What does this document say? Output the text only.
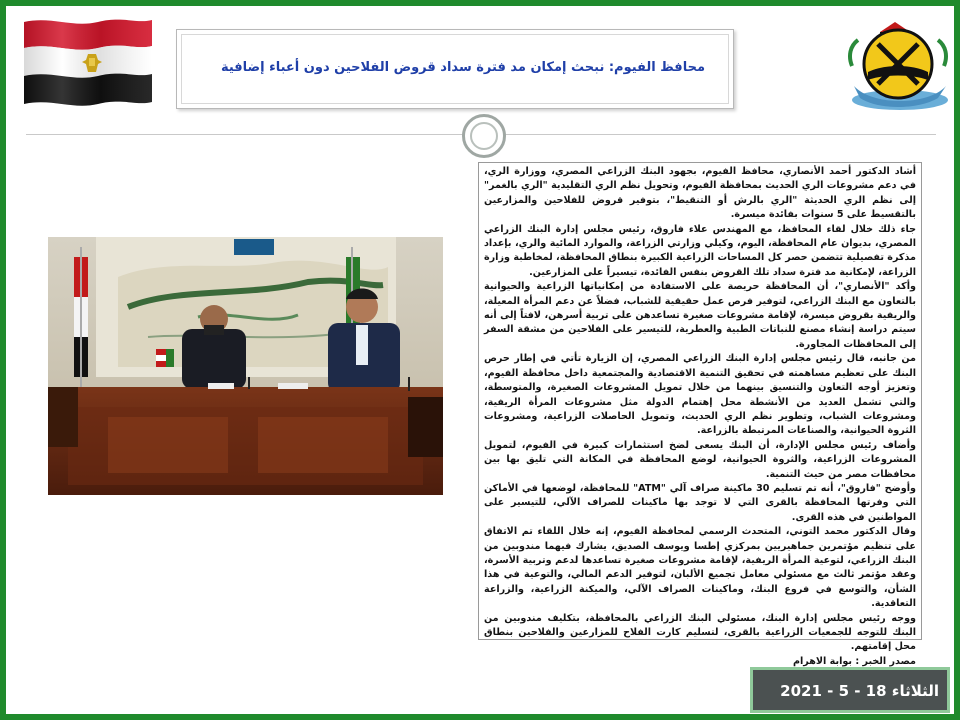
محافظ الفيوم: نبحث إمكان مد فترة سداد قروض الفلاحين دون أعباء إضافية

أشاد الدكتور أحمد الأنصاري، محافظ الفيوم، بجهود البنك الزراعي المصري، ووزارة الري، في دعم مشروعات الري الحديث بمحافظة الفيوم، وتحويل نظم الري التقليدية "الري بالغمر" إلى نظم الري الحديثة "الري بالرش أو التنقيط"، بتوفير قروض للفلاحين والمزارعين بالتقسيط على 5 سنوات بفائدة ميسرة.

جاء ذلك خلال لقاء المحافظ، مع المهندس علاء فاروق، رئيس مجلس إدارة البنك الزراعي المصري، بديوان عام المحافظة، اليوم، وكيلي وزارتي الزراعة، والموارد المائية والري، بإعداد مذكرة تفصيلية تتضمن حصر كل المساحات الزراعية الكبيرة بنطاق المحافظة، لمخاطبة وزارة الزراعة، لإمكانية مد فترة سداد تلك القروض بنفس الفائدة، تيسيراً على المزارعين.

وأكد "الأنصاري"، أن المحافظة حريصة على الاستفادة من إمكانياتها الزراعية والحيوانية بالتعاون مع البنك الزراعي، لتوفير فرص عمل حقيقية للشباب، فضلاً عن دعم المرأة المعيلة، والريفية بقروض ميسرة، لإقامة مشروعات صغيرة تساعدهن على تربية أسرهن، لافتاً إلى أنه سيتم دراسة إنشاء مصنع للنباتات الطبية والعطرية، للتيسير على الفلاحين من مشقة السفر إلى المحافظات المجاورة.

من جانبه، قال رئيس مجلس إدارة البنك الزراعي المصري، إن الزيارة تأتي في إطار حرص البنك على تعظيم مساهمته في تحقيق التنمية الاقتصادية والمجتمعية داخل محافظة الفيوم، وتعزيز أوجه التعاون والتنسيق بينهما من خلال تمويل المشروعات الصغيرة، والمتوسطة، والتي تشمل العديد من الأنشطة محل إهتمام الدولة مثل مشروعات المرأة الريفية، ومشروعات الشباب، وتطوير نظم الري الحديث، وتمويل الحاصلات الزراعية، ومشروعات الثروة الحيوانية، والصناعات المرتبطة بالزراعة.

وأضاف رئيس مجلس الإدارة، أن البنك يسعى لضخ استثمارات كبيرة في الفيوم، لتمويل المشروعات الزراعية، والثروة الحيوانية، لوضع المحافظة في المكانة التي تليق بها بين محافظات مصر من حيث التنمية.

وأوضح "فاروق"، أنه تم تسليم 30 ماكينة صراف آلي "ATM" للمحافظة، لوضعها في الأماكن التي وفرتها المحافظة بالقرى التي لا توجد بها ماكينات للصراف الآلي، للتيسير على المواطنين في هذه القرى.

وقال الدكتور محمد التوني، المتحدث الرسمي لمحافظة الفيوم، إنه خلال اللقاء تم الاتفاق على تنظيم مؤتمرين جماهيريين بمركزي إطسا ويوسف الصديق، يشارك فيهما مندوبين من البنك الزراعي، لتوعية المرأة الريفية، لإقامة مشروعات صغيرة تساعدها لدعم وتربية الأسرة، وعقد مؤتمر ثالث مع مسئولي معامل تجميع الألبان، لتوفير الدعم المالي، والتوعية في هذا الشأن، والتوسع في فروع البنك، وماكينات الصراف الآلي، والميكنة الزراعية، والزراعة التعاقدية.

ووجه رئيس مجلس إدارة البنك، مسئولي البنك الزراعي بالمحافظة، بتكليف مندوبين من البنك للتوجه للجمعيات الزراعية بالقرى، لتسليم كارت الفلاح للمزارعين والفلاحين بنطاق محل إقامتهم.

مصدر الخبر : بوابة الاهرام

الثلاثاء 18 - 5 - 2021
